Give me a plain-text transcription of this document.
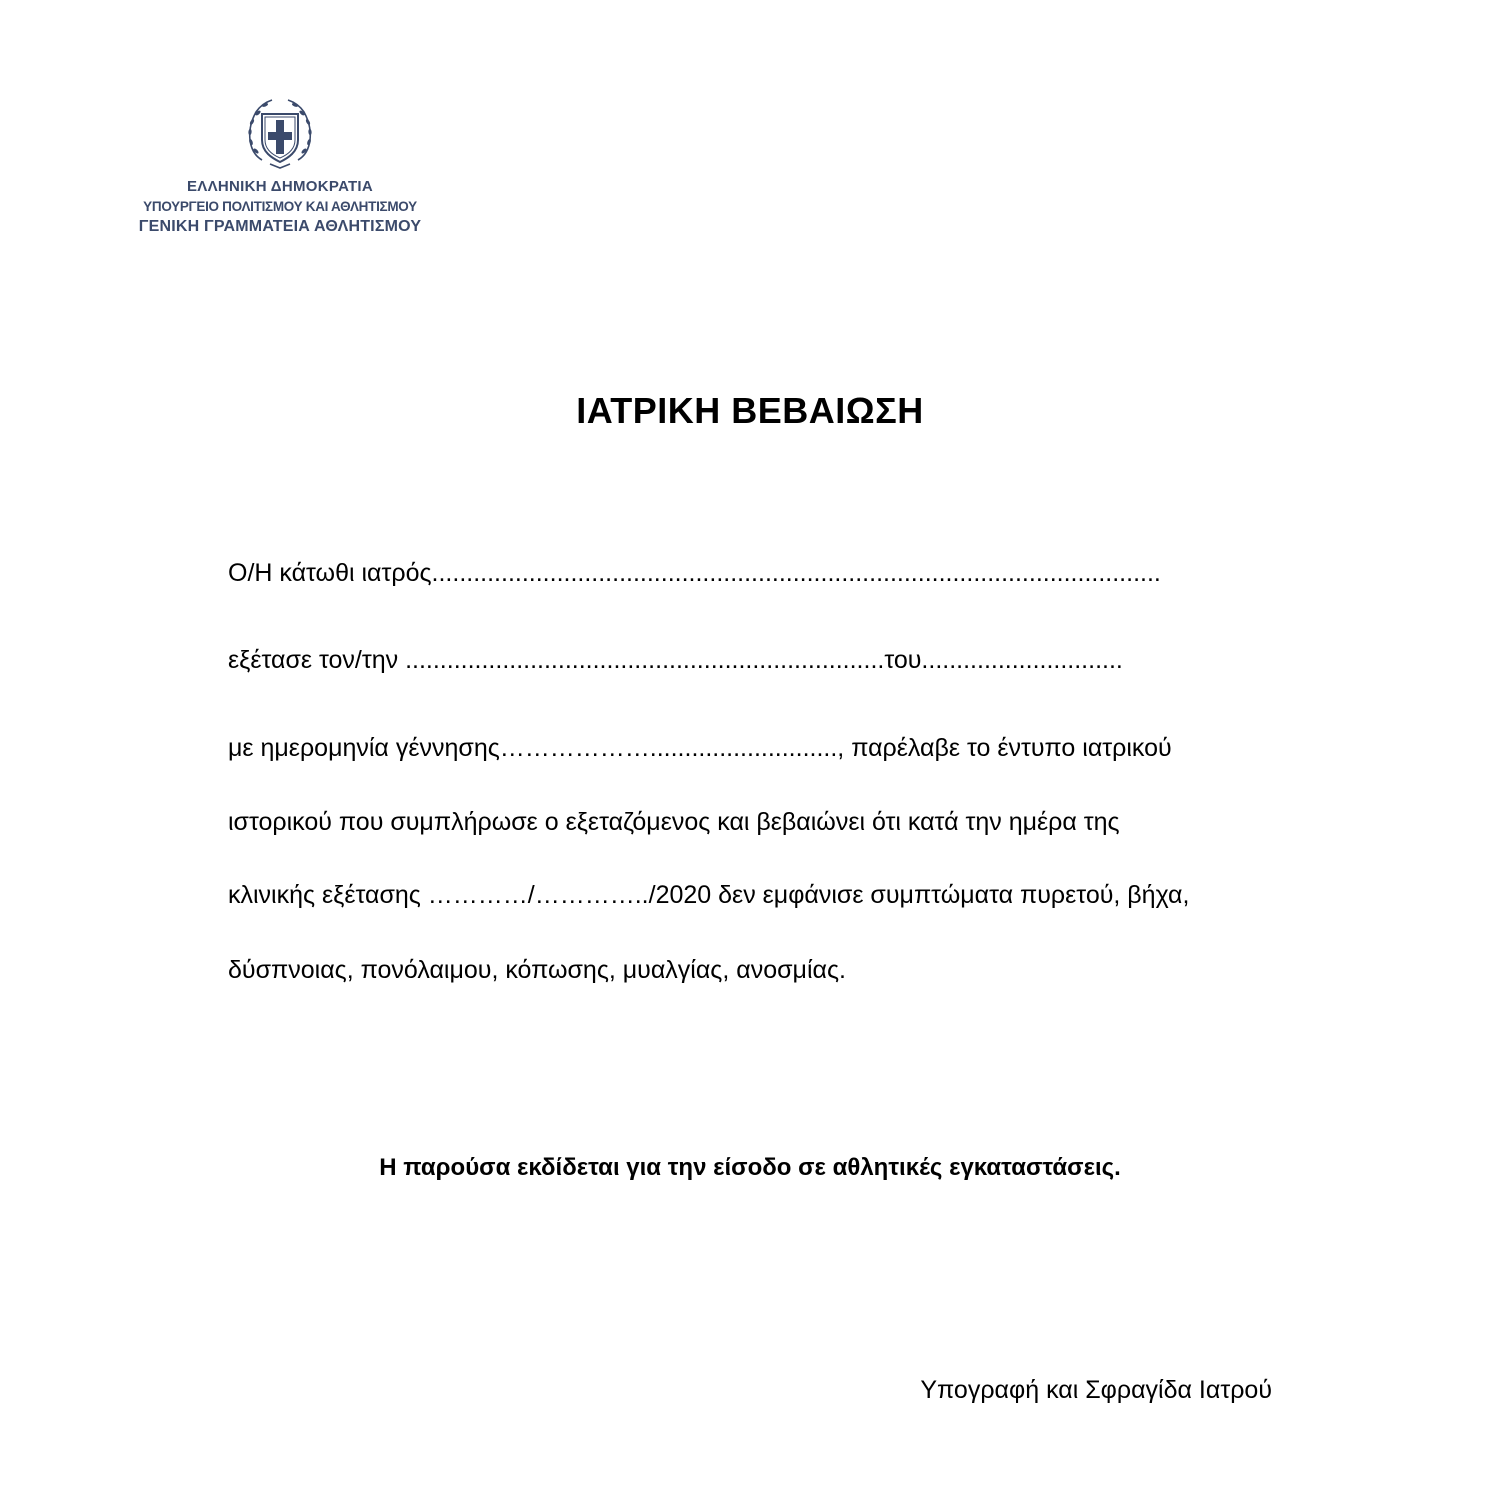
ΕΛΛΗΝΙΚΗ ΔΗΜΟΚΡΑΤΙΑ
ΥΠΟΥΡΓΕΙΟ ΠΟΛΙΤΙΣΜΟΥ ΚΑΙ ΑΘΛΗΤΙΣΜΟΥ
ΓΕΝΙΚΗ ΓΡΑΜΜΑΤΕΙΑ ΑΘΛΗΤΙΣΜΟΥ
ΙΑΤΡΙΚΗ ΒΕΒΑΙΩΣΗ
Ο/Η κάτωθι ιατρός.........................................................................................................
εξέτασε τον/την .....................................................................του.............................
με ημερομηνία γέννησης………………..........................., παρέλαβε το έντυπο ιατρικού
ιστορικού που συμπλήρωσε ο εξεταζόμενος και βεβαιώνει ότι κατά την ημέρα της
κλινικής εξέτασης …………/…………../2020 δεν εμφάνισε συμπτώματα πυρετού, βήχα,
δύσπνοιας, πονόλαιμου, κόπωσης, μυαλγίας, ανοσμίας.
Η παρούσα εκδίδεται για την είσοδο σε αθλητικές εγκαταστάσεις.
Υπογραφή και Σφραγίδα Ιατρού
